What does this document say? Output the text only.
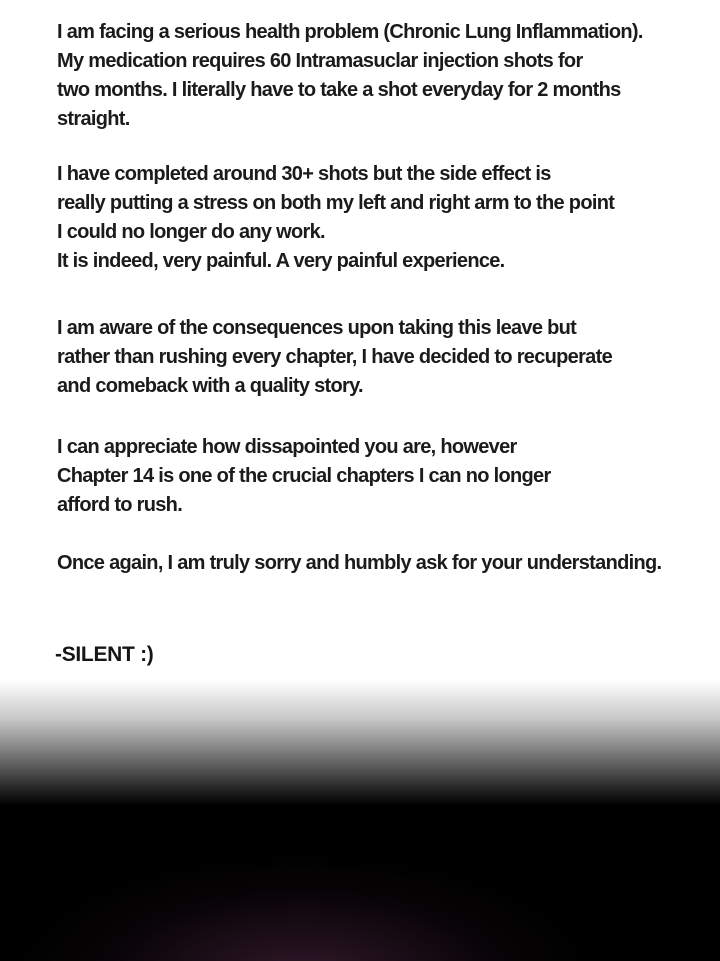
I am facing a serious health problem (Chronic Lung Inflammation).
My medication requires 60 Intramasuclar injection shots for
two months. I literally have to take a shot everyday for 2 months
straight.
I have completed around 30+ shots but the side effect is
really putting a stress on both my left and right arm to the point
I could no longer do any work.
It is indeed, very painful. A very painful experience.
I am aware of the consequences upon taking this leave but
rather than rushing every chapter, I have decided to recuperate
and comeback with a quality story.
I can appreciate how dissapointed you are, however
Chapter 14 is one of the crucial chapters I can no longer
afford to rush.
Once again, I am truly sorry and humbly ask for your understanding.
-SILENT :)
